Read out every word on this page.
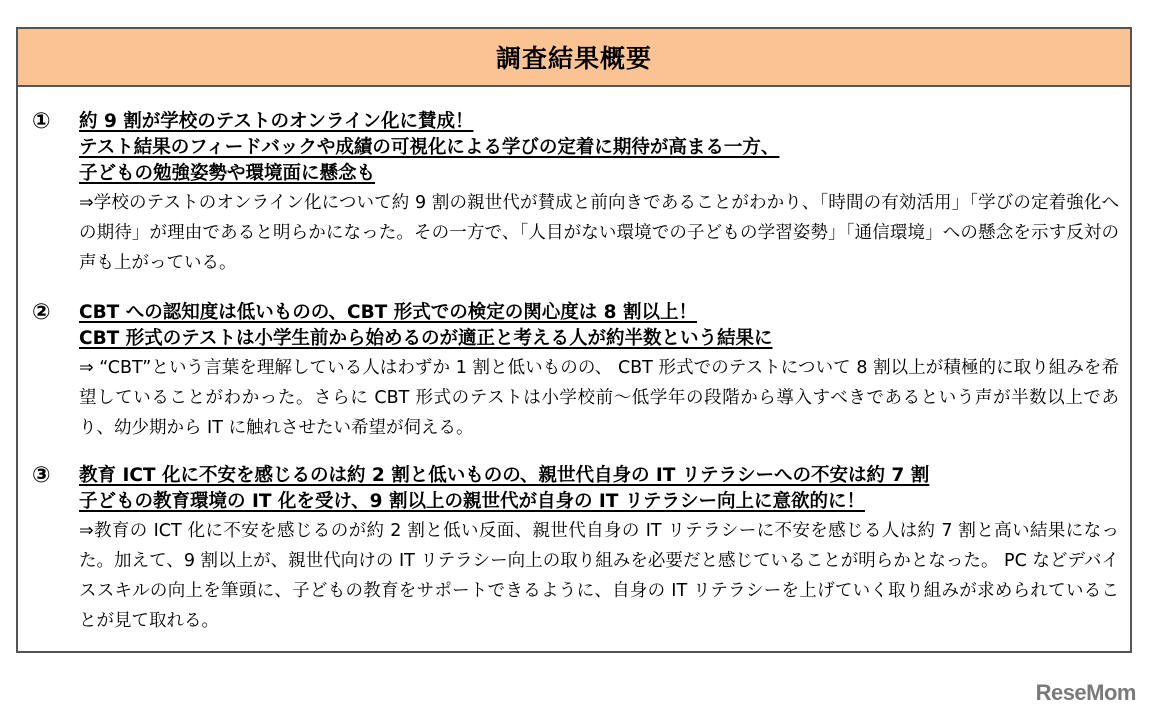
調査結果概要
① 約 9 割が学校のテストのオンライン化に賛成！
テスト結果のフィードバックや成績の可視化による学びの定着に期待が高まる一方、
子どもの勉強姿勢や環境面に懸念も
⇒学校のテストのオンライン化について約 9 割の親世代が賛成と前向きであることがわかり、「時間の有効活用」「学びの定着強化への期待」が理由であると明らかになった。その一方で、「人目がない環境での子どもの学習姿勢」「通信環境」への懸念を示す反対の声も上がっている。
② CBT への認知度は低いものの、CBT 形式での検定の関心度は 8 割以上！
CBT 形式のテストは小学生前から始めるのが適正と考える人が約半数という結果に
⇒ “CBT”という言葉を理解している人はわずか 1 割と低いものの、 CBT 形式でのテストについて 8 割以上が積極的に取り組みを希望していることがわかった。さらに CBT 形式のテストは小学校前～低学年の段階から導入すべきであるという声が半数以上であり、幼少期から IT に触れさせたい希望が伺える。
③ 教育 ICT 化に不安を感じるのは約 2 割と低いものの、親世代自身の IT リテラシーへの不安は約 7 割
子どもの教育環境の IT 化を受け、9 割以上の親世代が自身の IT リテラシー向上に意欲的に！
⇒教育の ICT 化に不安を感じるのが約 2 割と低い反面、親世代自身の IT リテラシーに不安を感じる人は約 7 割と高い結果になった。加えて、9 割以上が、親世代向けの IT リテラシー向上の取り組みを必要だと感じていることが明らかとなった。 PC などデバイススキルの向上を筆頭に、子どもの教育をサポートできるように、自身の IT リテラシーを上げていく取り組みが求められていることが見て取れる。
ReseMom
